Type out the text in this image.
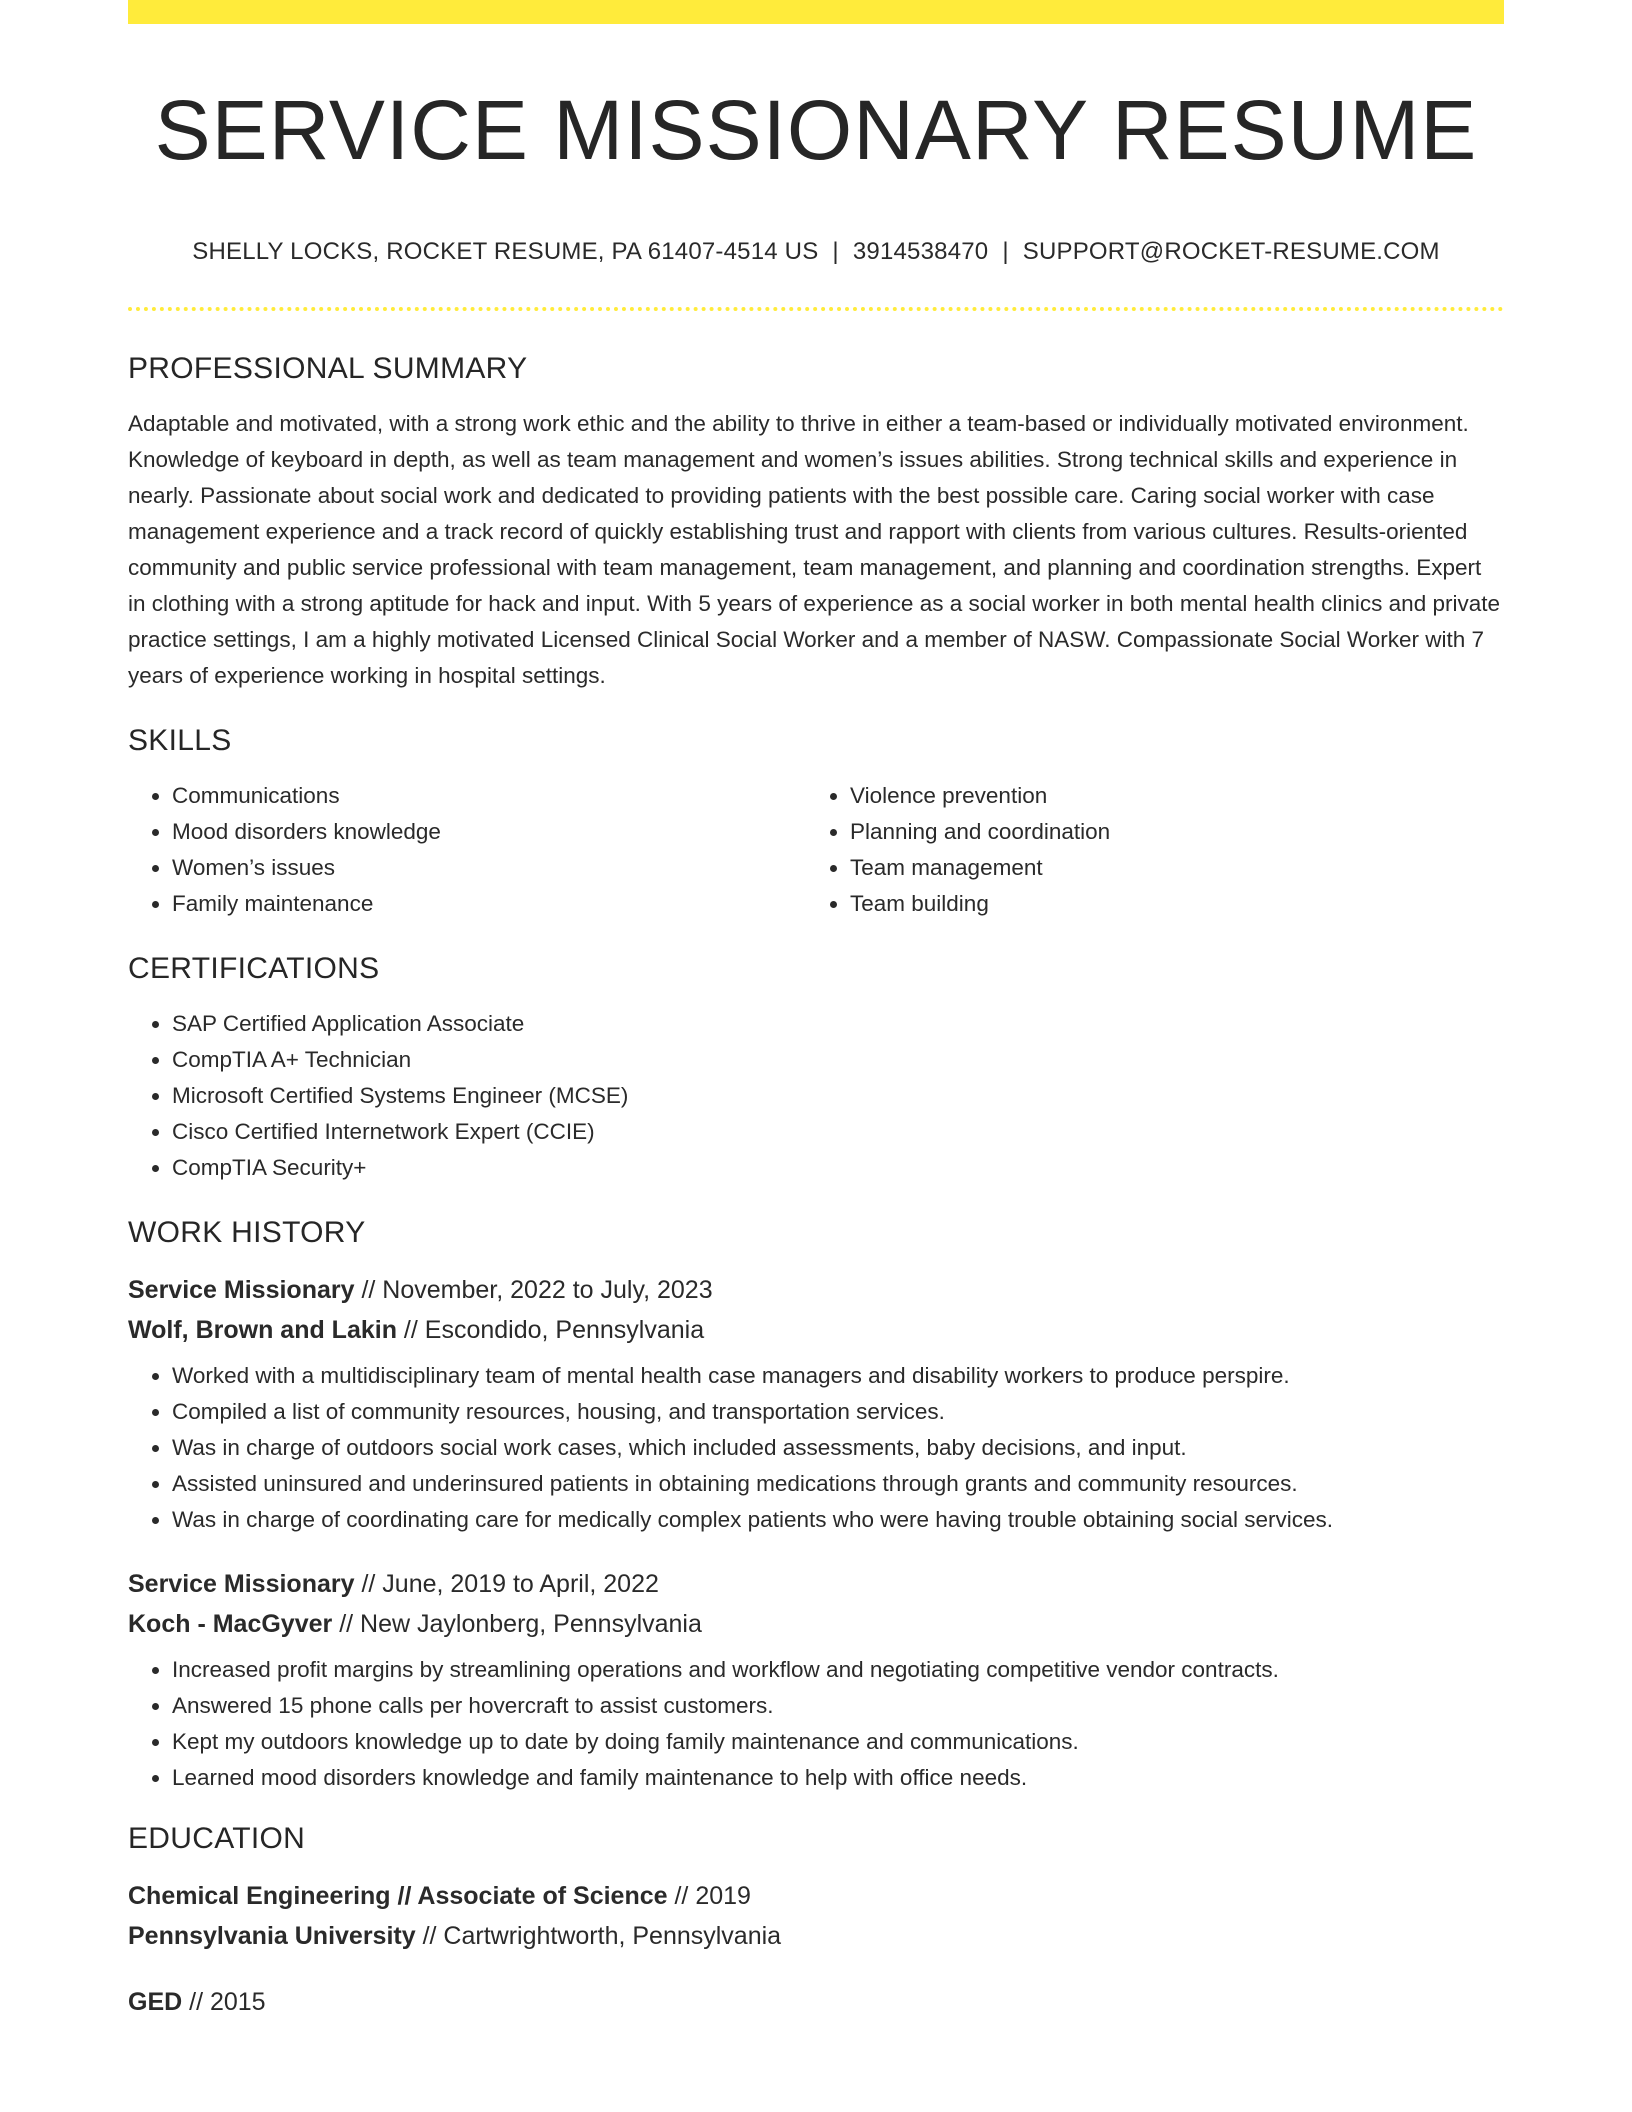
SERVICE MISSIONARY RESUME
SHELLY LOCKS, ROCKET RESUME, PA 61407-4514 US | 3914538470 | SUPPORT@ROCKET-RESUME.COM
PROFESSIONAL SUMMARY

Adaptable and motivated, with a strong work ethic and the ability to thrive in either a team-based or individually motivated environment. Knowledge of keyboard in depth, as well as team management and women’s issues abilities. Strong technical skills and experience in nearly. Passionate about social work and dedicated to providing patients with the best possible care. Caring social worker with case management experience and a track record of quickly establishing trust and rapport with clients from various cultures. Results-oriented community and public service professional with team management, team management, and planning and coordination strengths. Expert in clothing with a strong aptitude for hack and input. With 5 years of experience as a social worker in both mental health clinics and private practice settings, I am a highly motivated Licensed Clinical Social Worker and a member of NASW. Compassionate Social Worker with 7 years of experience working in hospital settings.

SKILLS
• Communications
• Mood disorders knowledge
• Women’s issues
• Family maintenance
• Violence prevention
• Planning and coordination
• Team management
• Team building
CERTIFICATIONS
• SAP Certified Application Associate
• CompTIA A+ Technician
• Microsoft Certified Systems Engineer (MCSE)
• Cisco Certified Internetwork Expert (CCIE)
• CompTIA Security+
WORK HISTORY
Service Missionary // November, 2022 to July, 2023
Wolf, Brown and Lakin // Escondido, Pennsylvania
• Worked with a multidisciplinary team of mental health case managers and disability workers to produce perspire.
• Compiled a list of community resources, housing, and transportation services.
• Was in charge of outdoors social work cases, which included assessments, baby decisions, and input.
• Assisted uninsured and underinsured patients in obtaining medications through grants and community resources.
• Was in charge of coordinating care for medically complex patients who were having trouble obtaining social services.
Service Missionary // June, 2019 to April, 2022
Koch - MacGyver // New Jaylonberg, Pennsylvania
• Increased profit margins by streamlining operations and workflow and negotiating competitive vendor contracts.
• Answered 15 phone calls per hovercraft to assist customers.
• Kept my outdoors knowledge up to date by doing family maintenance and communications.
• Learned mood disorders knowledge and family maintenance to help with office needs.
EDUCATION
Chemical Engineering // Associate of Science // 2019
Pennsylvania University // Cartwrightworth, Pennsylvania
GED // 2015
